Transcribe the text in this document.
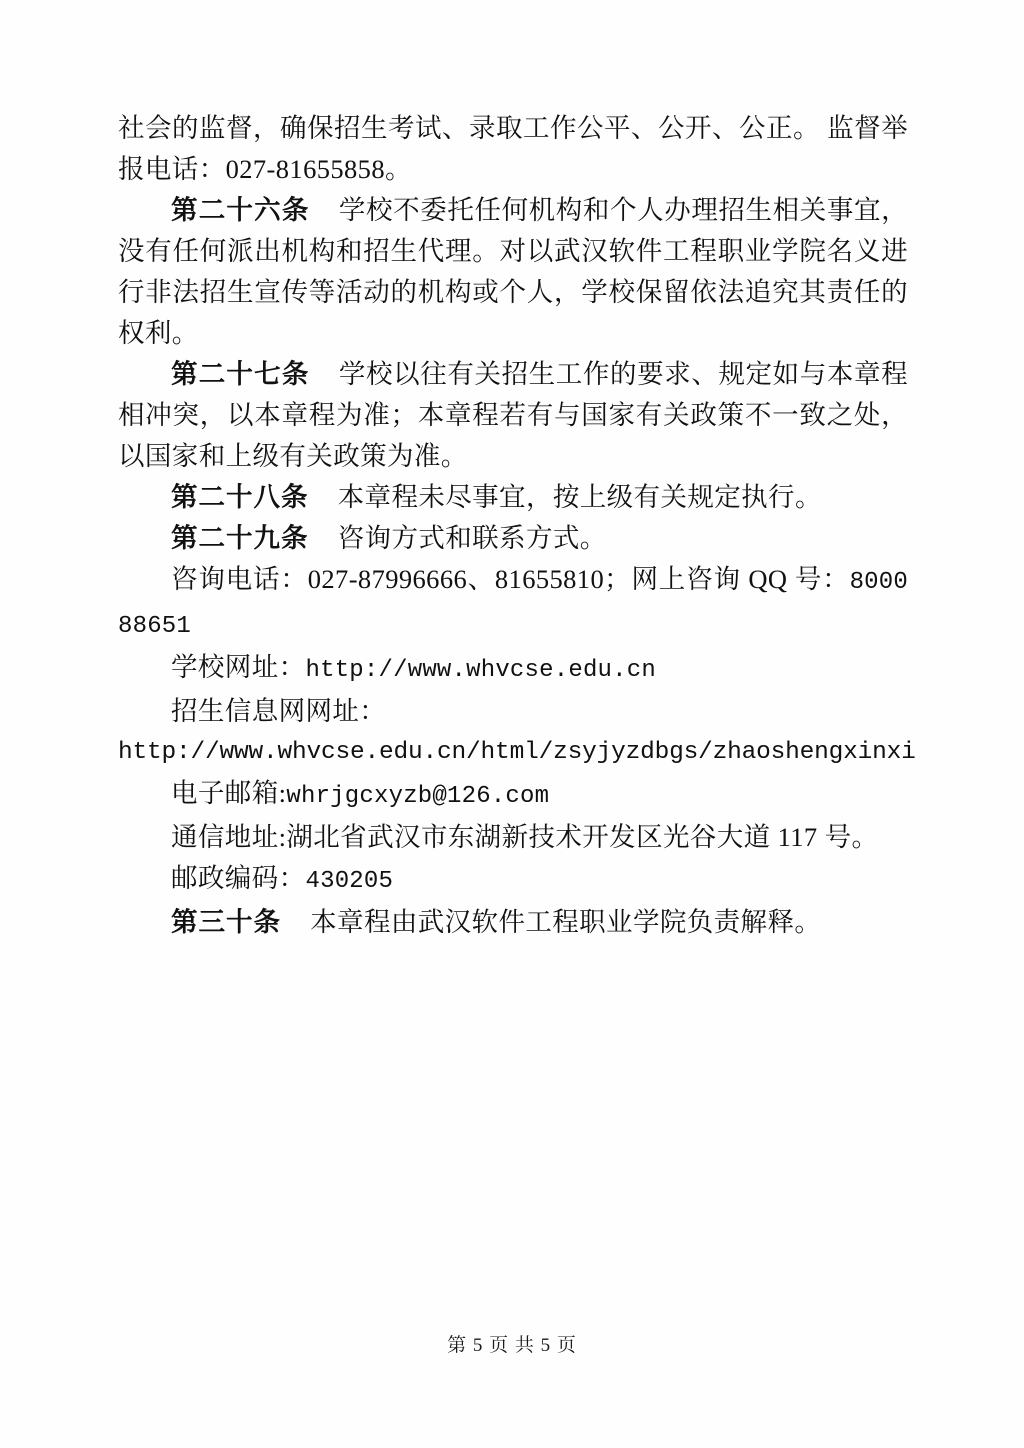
社会的监督，确保招生考试、录取工作公平、公开、公正。 监督举报电话：027-81655858。

第二十六条 学校不委托任何机构和个人办理招生相关事宜，没有任何派出机构和招生代理。对以武汉软件工程职业学院名义进行非法招生宣传等活动的机构或个人，学校保留依法追究其责任的权利。

第二十七条 学校以往有关招生工作的要求、规定如与本章程相冲突，以本章程为准；本章程若有与国家有关政策不一致之处，以国家和上级有关政策为准。

第二十八条 本章程未尽事宜，按上级有关规定执行。

第二十九条 咨询方式和联系方式。

咨询电话：027-87996666、81655810；网上咨询 QQ 号：800088651

学校网址：http://www.whvcse.edu.cn

招生信息网网址：

http://www.whvcse.edu.cn/html/zsyjyzdbgs/zhaoshengxinxi

电子邮箱:whrjgcxyzb@126.com

通信地址:湖北省武汉市东湖新技术开发区光谷大道 117 号。

邮政编码：430205

第三十条 本章程由武汉软件工程职业学院负责解释。

第 5 页 共 5 页
